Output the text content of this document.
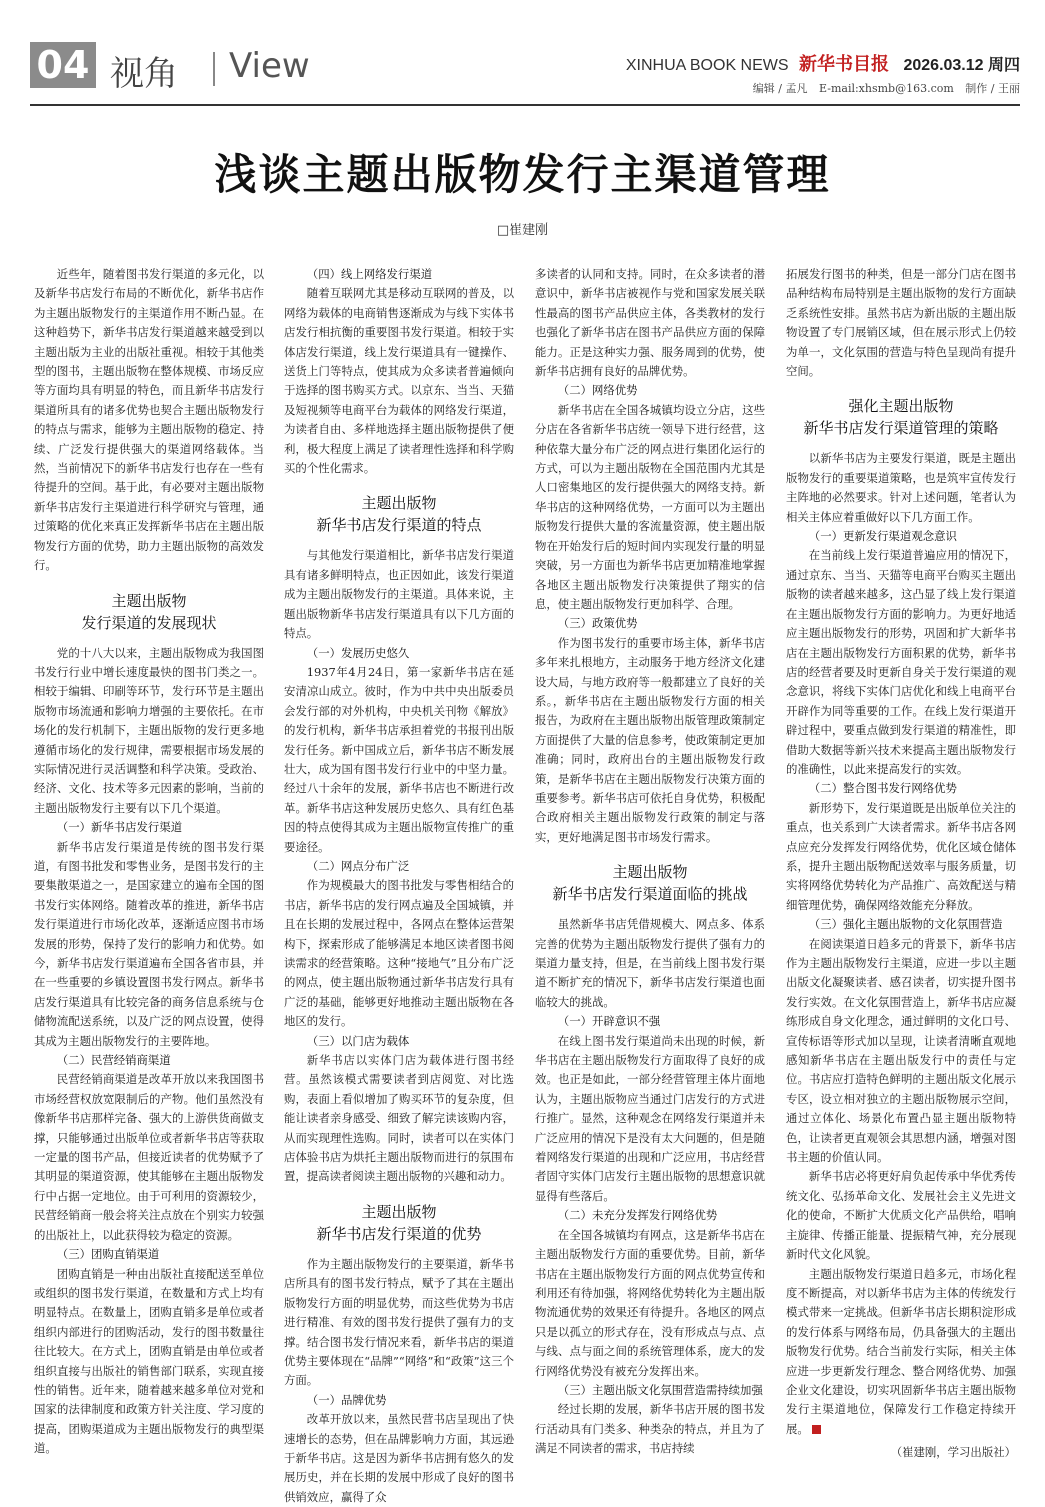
04 视角 View	XINHUA BOOK NEWS 新华书目报 2026.03.12 周四
编辑 / 孟凡 E-mail:xhsmb@163.com 制作 / 王丽
浅谈主题出版物发行主渠道管理
□崔建刚

近些年，随着图书发行渠道的多元化，以及新华书店发行布局的不断优化，新华书店作为主题出版物发行的主渠道作用不断凸显。在这种趋势下，新华书店发行渠道越来越受到以主题出版为主业的出版社重视。相较于其他类型的图书，主题出版物在整体规模、市场反应等方面均具有明显的特色，而且新华书店发行渠道所具有的诸多优势也契合主题出版物发行的特点与需求，能够为主题出版物的稳定、持续、广泛发行提供强大的渠道网络载体。当然，当前情况下的新华书店发行也存在一些有待提升的空间。基于此，有必要对主题出版物新华书店发行主渠道进行科学研究与管理，通过策略的优化来真正发挥新华书店在主题出版物发行方面的优势，助力主题出版物的高效发行。

主题出版物
发行渠道的发展现状

党的十八大以来，主题出版物成为我国图书发行行业中增长速度最快的图书门类之一。相较于编辑、印刷等环节，发行环节是主题出版物市场流通和影响力增强的主要依托。在市场化的发行机制下，主题出版物的发行更多地遵循市场化的发行规律，需要根据市场发展的实际情况进行灵活调整和科学决策。受政治、经济、文化、技术等多元因素的影响，当前的主题出版物发行主要有以下几个渠道。

（一）新华书店发行渠道

新华书店发行渠道是传统的图书发行渠道，有图书批发和零售业务，是图书发行的主要集散渠道之一，是国家建立的遍布全国的图书发行实体网络。随着改革的推进，新华书店发行渠道进行市场化改革，逐渐适应图书市场发展的形势，保持了发行的影响力和优势。如今，新华书店发行渠道遍布全国各省市县，并在一些重要的乡镇设置图书发行网点。新华书店发行渠道具有比较完备的商务信息系统与仓储物流配送系统，以及广泛的网点设置，使得其成为主题出版物发行的主要阵地。

（二）民营经销商渠道

民营经销商渠道是改革开放以来我国图书市场经营权放宽限制后的产物。他们虽然没有像新华书店那样完备、强大的上游供货商做支撑，只能够通过出版单位或者新华书店等获取一定量的图书产品，但接近读者的优势赋予了其明显的渠道资源，使其能够在主题出版物发行中占据一定地位。由于可利用的资源较少，民营经销商一般会将关注点放在个别实力较强的出版社上，以此获得较为稳定的资源。

（三）团购直销渠道

团购直销是一种由出版社直接配送至单位或组织的图书发行渠道，在数量和方式上均有明显特点。在数量上，团购直销多是单位或者组织内部进行的团购活动，发行的图书数量往往比较大。在方式上，团购直销是由单位或者组织直接与出版社的销售部门联系，实现直接性的销售。近年来，随着越来越多单位对党和国家的法律制度和政策方针关注度、学习度的提高，团购渠道成为主题出版物发行的典型渠道。

（四）线上网络发行渠道

随着互联网尤其是移动互联网的普及，以网络为载体的电商销售逐渐成为与线下实体书店发行相抗衡的重要图书发行渠道。相较于实体店发行渠道，线上发行渠道具有一键操作、送货上门等特点，使其成为众多读者普遍倾向于选择的图书购买方式。以京东、当当、天猫及短视频等电商平台为载体的网络发行渠道，为读者自由、多样地选择主题出版物提供了便利，极大程度上满足了读者理性选择和科学购买的个性化需求。

主题出版物
新华书店发行渠道的特点

与其他发行渠道相比，新华书店发行渠道具有诸多鲜明特点，也正因如此，该发行渠道成为主题出版物发行的主渠道。具体来说，主题出版物新华书店发行渠道具有以下几方面的特点。

（一）发展历史悠久

1937年4月24日，第一家新华书店在延安清凉山成立。彼时，作为中共中央出版委员会发行部的对外机构，中央机关刊物《解放》的发行机构，新华书店承担着党的书报刊出版发行任务。新中国成立后，新华书店不断发展壮大，成为国有图书发行行业中的中坚力量。经过八十余年的发展，新华书店也不断进行改革。新华书店这种发展历史悠久、具有红色基因的特点使得其成为主题出版物宣传推广的重要途径。

（二）网点分布广泛

作为规模最大的图书批发与零售相结合的书店，新华书店的发行网点遍及全国城镇，并且在长期的发展过程中，各网点在整体运营架构下，探索形成了能够满足本地区读者图书阅读需求的经营策略。这种“接地气”且分布广泛的网点，使主题出版物通过新华书店发行具有广泛的基础，能够更好地推动主题出版物在各地区的发行。

（三）以门店为载体

新华书店以实体门店为载体进行图书经营。虽然该模式需要读者到店阅览、对比选购，表面上看似增加了购买环节的复杂度，但能让读者亲身感受、细致了解完读该购内容，从而实现理性选购。同时，读者可以在实体门店体验书店为烘托主题出版物而进行的氛围布置，提高读者阅读主题出版物的兴趣和动力。

主题出版物
新华书店发行渠道的优势

作为主题出版物发行的主要渠道，新华书店所具有的图书发行特点，赋予了其在主题出版物发行方面的明显优势，而这些优势为书店进行精准、有效的图书发行提供了强有力的支撑。结合图书发行情况来看，新华书店的渠道优势主要体现在“品牌”“网络”和“政策”这三个方面。

（一）品牌优势

改革开放以来，虽然民营书店呈现出了快速增长的态势，但在品牌影响力方面，其远逊于新华书店。这是因为新华书店拥有悠久的发展历史，并在长期的发展中形成了良好的图书供销效应，赢得了众

多读者的认同和支持。同时，在众多读者的潜意识中，新华书店被视作与党和国家发展关联性最高的图书产品供应主体，各类教材的发行也强化了新华书店在图书产品供应方面的保障能力。正是这种实力强、服务周到的优势，使新华书店拥有良好的品牌优势。

（二）网络优势

新华书店在全国各城镇均设立分店，这些分店在各省新华书店统一领导下进行经营，这种依靠大量分布广泛的网点进行集团化运行的方式，可以为主题出版物在全国范围内尤其是人口密集地区的发行提供强大的网络支持。新华书店的这种网络优势，一方面可以为主题出版物发行提供大量的客流量资源，使主题出版物在开始发行后的短时间内实现发行量的明显突破，另一方面也为新华书店更加精准地掌握各地区主题出版物发行决策提供了翔实的信息，使主题出版物发行更加科学、合理。

（三）政策优势

作为图书发行的重要市场主体，新华书店多年来扎根地方，主动服务于地方经济文化建设大局，与地方政府等一般都建立了良好的关系。，新华书店在主题出版物发行方面的相关报告，为政府在主题出版物出版管理政策制定方面提供了大量的信息参考，使政策制定更加准确；同时，政府出台的主题出版物发行政策，是新华书店在主题出版物发行决策方面的重要参考。新华书店可依托自身优势，积极配合政府相关主题出版物发行政策的制定与落实，更好地满足图书市场发行需求。

主题出版物
新华书店发行渠道面临的挑战

虽然新华书店凭借规模大、网点多、体系完善的优势为主题出版物发行提供了强有力的渠道力量支持，但是，在当前线上图书发行渠道不断扩充的情况下，新华书店发行渠道也面临较大的挑战。

（一）开辟意识不强

在线上图书发行渠道尚未出现的时候，新华书店在主题出版物发行方面取得了良好的成效。也正是如此，一部分经营管理主体片面地认为，主题出版物应当通过门店发行的方式进行推广。显然，这种观念在网络发行渠道并未广泛应用的情况下是没有太大问题的，但是随着网络发行渠道的出现和广泛应用，书店经营者固守实体门店发行主题出版物的思想意识就显得有些落后。

（二）未充分发挥发行网络优势

在全国各城镇均有网点，这是新华书店在主题出版物发行方面的重要优势。目前，新华书店在主题出版物发行方面的网点优势宣传和利用还有待加强，将网络优势转化为主题出版物流通优势的效果还有待提升。各地区的网点只是以孤立的形式存在，没有形成点与点、点与线、点与面之间的系统管理体系，庞大的发行网络优势没有被充分发挥出来。

（三）主题出版文化氛围营造需持续加强

经过长期的发展，新华书店开展的图书发行活动具有门类多、种类杂的特点，并且为了满足不同读者的需求，书店持续

拓展发行图书的种类，但是一部分门店在图书品种结构布局特别是主题出版物的发行方面缺乏系统性安排。虽然书店为新出版的主题出版物设置了专门展销区域，但在展示形式上仍较为单一，文化氛围的营造与特色呈现尚有提升空间。

强化主题出版物
新华书店发行渠道管理的策略

以新华书店为主要发行渠道，既是主题出版物发行的重要渠道策略，也是筑牢宣传发行主阵地的必然要求。针对上述问题，笔者认为相关主体应着重做好以下几方面工作。

（一）更新发行渠道观念意识

在当前线上发行渠道普遍应用的情况下，通过京东、当当、天猫等电商平台购买主题出版物的读者越来越多，这凸显了线上发行渠道在主题出版物发行方面的影响力。为更好地适应主题出版物发行的形势，巩固和扩大新华书店在主题出版物发行方面积累的优势，新华书店的经营者要及时更新自身关于发行渠道的观念意识，将线下实体门店优化和线上电商平台开辟作为同等重要的工作。在线上发行渠道开辟过程中，要重点做到发行渠道的精准性，即借助大数据等新兴技术来提高主题出版物发行的准确性，以此来提高发行的实效。

（二）整合图书发行网络优势

新形势下，发行渠道既是出版单位关注的重点，也关系到广大读者需求。新华书店各网点应充分发挥发行网络优势，优化区域仓储体系，提升主题出版物配送效率与服务质量，切实将网络优势转化为产品推广、高效配送与精细管理优势，确保网络效能充分释放。

（三）强化主题出版物的文化氛围营造

在阅读渠道日趋多元的背景下，新华书店作为主题出版物发行主渠道，应进一步以主题出版文化凝聚读者、感召读者，切实提升图书发行实效。在文化氛围营造上，新华书店应凝练形成自身文化理念，通过鲜明的文化口号、宣传标语等形式加以呈现，让读者清晰直观地感知新华书店在主题出版发行中的责任与定位。书店应打造特色鲜明的主题出版文化展示专区，设立相对独立的主题出版物展示空间，通过立体化、场景化布置凸显主题出版物特色，让读者更直观领会其思想内涵，增强对图书主题的价值认同。

新华书店必将更好肩负起传承中华优秀传统文化、弘扬革命文化、发展社会主义先进文化的使命，不断扩大优质文化产品供给，唱响主旋律、传播正能量、提振精气神，充分展现新时代文化风貌。

主题出版物发行渠道日趋多元，市场化程度不断提高，对以新华书店为主体的传统发行模式带来一定挑战。但新华书店长期积淀形成的发行体系与网络布局，仍具备强大的主题出版物发行优势。结合当前发行实际，相关主体应进一步更新发行理念、整合网络优势、加强企业文化建设，切实巩固新华书店主题出版物发行主渠道地位，保障发行工作稳定持续开展。

（崔建刚，学习出版社）
